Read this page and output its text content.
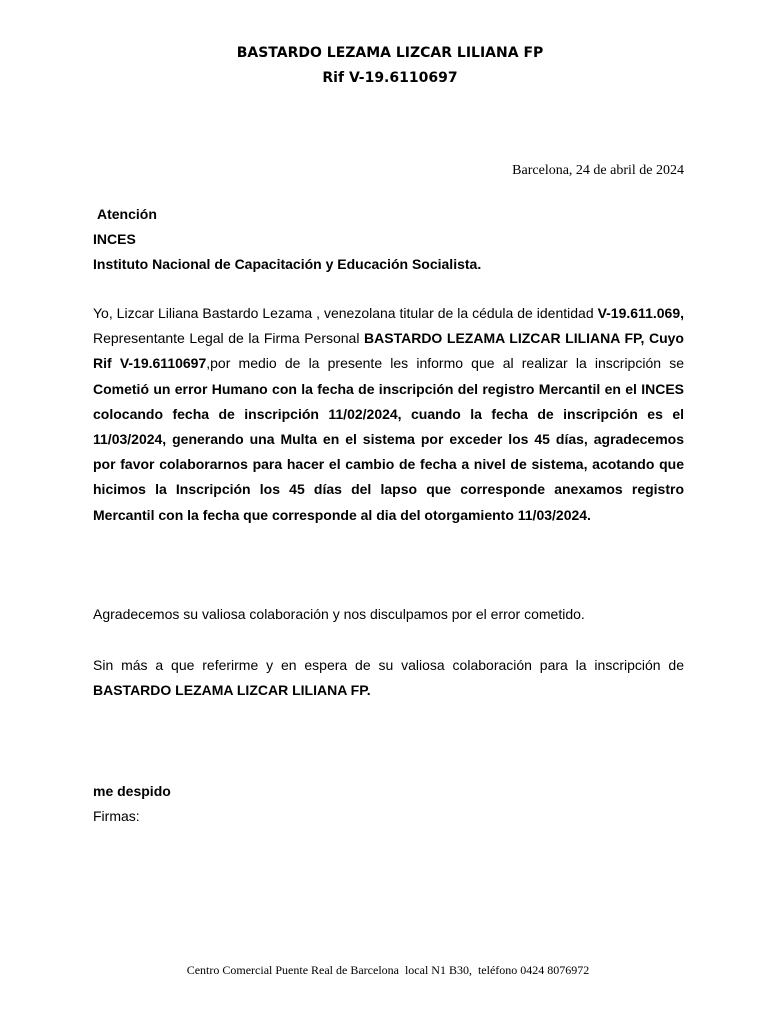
BASTARDO LEZAMA LIZCAR LILIANA FP
Rif V-19.6110697
Barcelona, 24 de abril de 2024
Atención
INCES
Instituto Nacional de Capacitación y Educación Socialista.
Yo, Lizcar Liliana Bastardo Lezama , venezolana titular de la cédula de identidad V-19.611.069, Representante Legal de la Firma Personal BASTARDO LEZAMA LIZCAR LILIANA FP, Cuyo Rif V-19.6110697,por medio de la presente les informo que al realizar la inscripción se Cometió un error Humano con la fecha de inscripción del registro Mercantil en el INCES colocando fecha de inscripción 11/02/2024, cuando la fecha de inscripción es el 11/03/2024, generando una Multa en el sistema por exceder los 45 días, agradecemos por favor colaborarnos para hacer el cambio de fecha a nivel de sistema, acotando que hicimos la Inscripción los 45 días del lapso que corresponde anexamos registro Mercantil con la fecha que corresponde al dia del otorgamiento 11/03/2024.
Agradecemos su valiosa colaboración y nos disculpamos por el error cometido.
Sin más a que referirme y en espera de su valiosa colaboración para la inscripción de BASTARDO LEZAMA LIZCAR LILIANA FP.
me despido
Firmas:
Centro Comercial Puente Real de Barcelona  local N1 B30,  teléfono 0424 8076972
